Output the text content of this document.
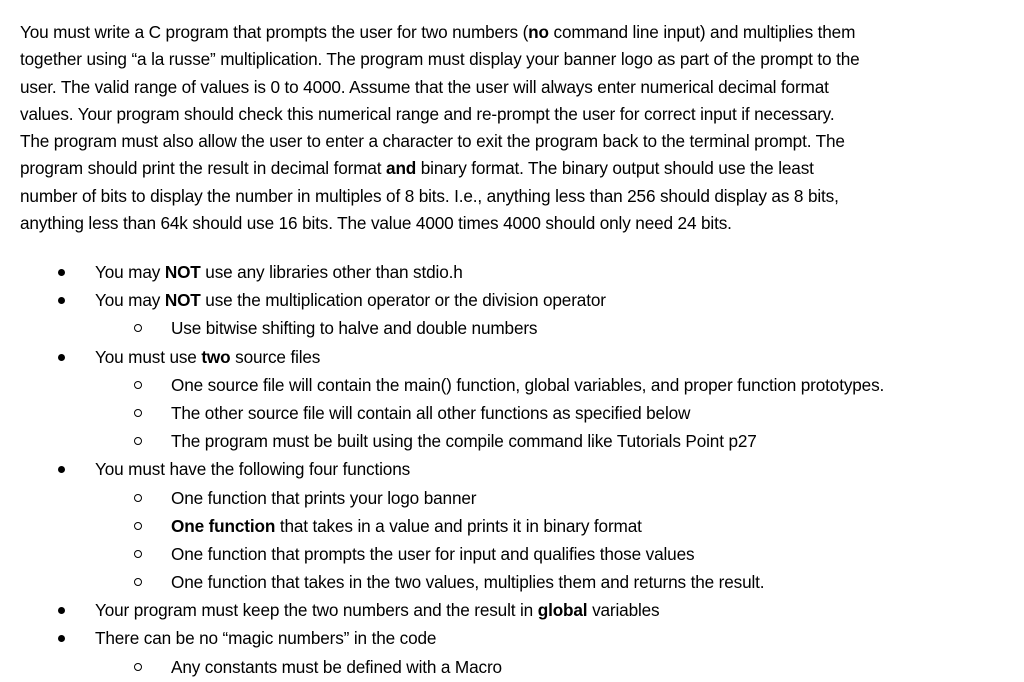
You must write a C program that prompts the user for two numbers (no command line input) and multiplies them
together using “a la russe” multiplication. The program must display your banner logo as part of the prompt to the
user. The valid range of values is 0 to 4000. Assume that the user will always enter numerical decimal format
values. Your program should check this numerical range and re-prompt the user for correct input if necessary.
The program must also allow the user to enter a character to exit the program back to the terminal prompt. The
program should print the result in decimal format and binary format. The binary output should use the least
number of bits to display the number in multiples of 8 bits. I.e., anything less than 256 should display as 8 bits,
anything less than 64k should use 16 bits. The value 4000 times 4000 should only need 24 bits.

You may NOT use any libraries other than stdio.h
You may NOT use the multiplication operator or the division operator
Use bitwise shifting to halve and double numbers
You must use two source files
One source file will contain the main() function, global variables, and proper function prototypes.
The other source file will contain all other functions as specified below
The program must be built using the compile command like Tutorials Point p27
You must have the following four functions
One function that prints your logo banner
One function that takes in a value and prints it in binary format
One function that prompts the user for input and qualifies those values
One function that takes in the two values, multiplies them and returns the result.
Your program must keep the two numbers and the result in global variables
There can be no “magic numbers” in the code
Any constants must be defined with a Macro
